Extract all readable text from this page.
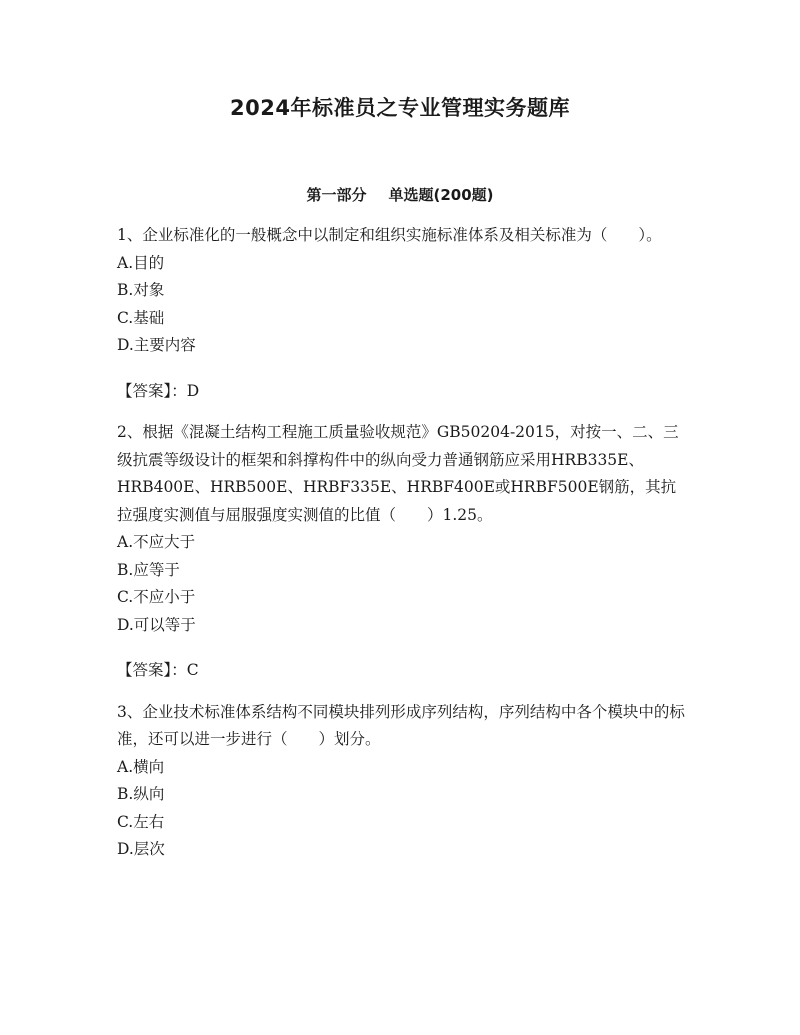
2024年标准员之专业管理实务题库
第一部分 单选题(200题)

1、企业标准化的一般概念中以制定和组织实施标准体系及相关标准为（　　）。

A.目的

B.对象

C.基础

D.主要内容

【答案】：D

2、根据《混凝土结构工程施工质量验收规范》GB50204-2015，对按一、二、三级抗震等级设计的框架和斜撑构件中的纵向受力普通钢筋应采用HRB335E、HRB400E、HRB500E、HRBF335E、HRBF400E或HRBF500E钢筋，其抗拉强度实测值与屈服强度实测值的比值（　　）1.25。

A.不应大于

B.应等于

C.不应小于

D.可以等于

【答案】：C

3、企业技术标准体系结构不同模块排列形成序列结构，序列结构中各个模块中的标准，还可以进一步进行（　　）划分。

A.横向

B.纵向

C.左右

D.层次
